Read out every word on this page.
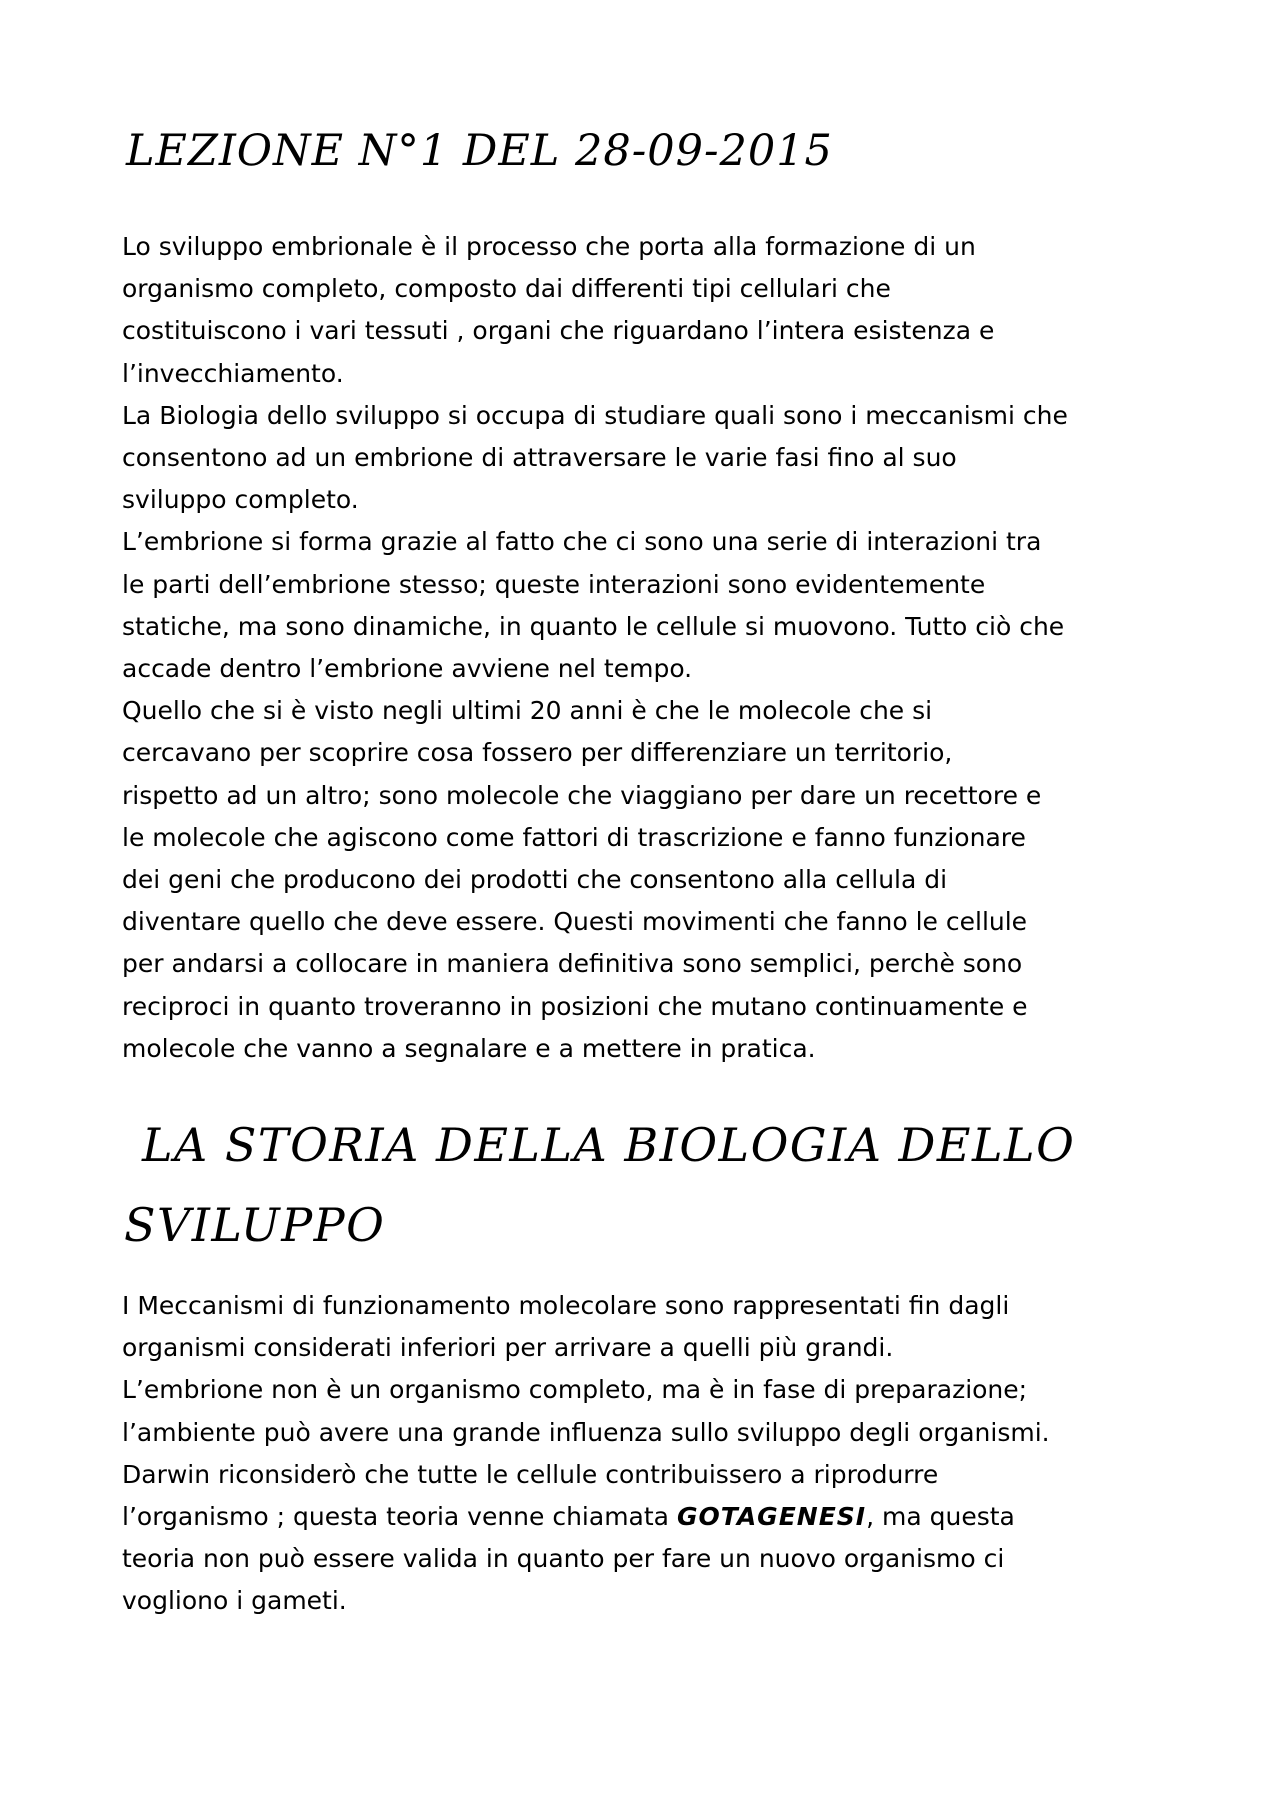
LEZIONE N°1 DEL 28-09-2015
Lo sviluppo embrionale è il processo che porta alla formazione di un
organismo completo, composto dai differenti tipi cellulari che
costituiscono i vari tessuti , organi che riguardano l’intera esistenza e
l’invecchiamento.
La Biologia dello sviluppo si occupa di studiare quali sono i meccanismi che
consentono ad un embrione di attraversare le varie fasi fino al suo
sviluppo completo.
L’embrione si forma grazie al fatto che ci sono una serie di interazioni tra
le parti dell’embrione stesso; queste interazioni sono evidentemente
statiche, ma sono dinamiche, in quanto le cellule si muovono. Tutto ciò che
accade dentro l’embrione avviene nel tempo.
Quello che si è visto negli ultimi 20 anni è che le molecole che si
cercavano per scoprire cosa fossero per differenziare un territorio,
rispetto ad un altro; sono molecole che viaggiano per dare un recettore e
le molecole che agiscono come fattori di trascrizione e fanno funzionare
dei geni che producono dei prodotti che consentono alla cellula di
diventare quello che deve essere. Questi movimenti che fanno le cellule
per andarsi a collocare in maniera definitiva sono semplici, perchè sono
reciproci in quanto troveranno in posizioni che mutano continuamente e
molecole che vanno a segnalare e a mettere in pratica.
LA STORIA DELLA BIOLOGIA DELLO
SVILUPPO
I Meccanismi di funzionamento molecolare sono rappresentati fin dagli
organismi considerati inferiori per arrivare a quelli più grandi.
L’embrione non è un organismo completo, ma è in fase di preparazione;
l’ambiente può avere una grande influenza sullo sviluppo degli organismi.
Darwin riconsiderò che tutte le cellule contribuissero a riprodurre
l’organismo ; questa teoria venne chiamata GOTAGENESI, ma questa
teoria non può essere valida in quanto per fare un nuovo organismo ci
vogliono i gameti.
